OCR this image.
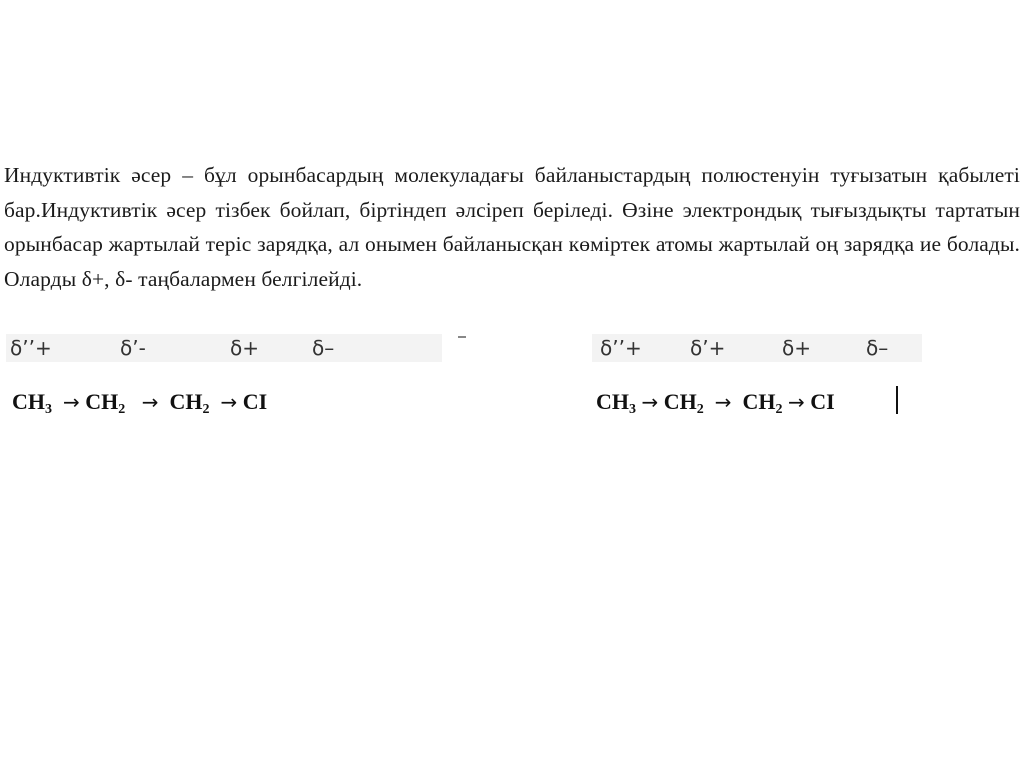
Индуктивтік әсер – бұл орынбасардың молекуладағы байланыстардың полюстенуін туғызатын қабылеті бар.Индуктивтік әсер тізбек бойлап, біртіндеп әлсіреп беріледі. Өзіне электрондық тығыздықты тартатын орынбасар жартылай теріс зарядқа, ал онымен байланысқан көміртек атомы жартылай оң зарядқа ие болады. Оларды δ+, δ- таңбалармен белгілейді.

δ’’+	δ’-	δ+	δ–	δ’’+ δ’+	δ+	δ–
$CH_3 \to CH_2 \to CH_2$ → CI	$CH_3 \to CH_2 \to CH_2$ → CI
